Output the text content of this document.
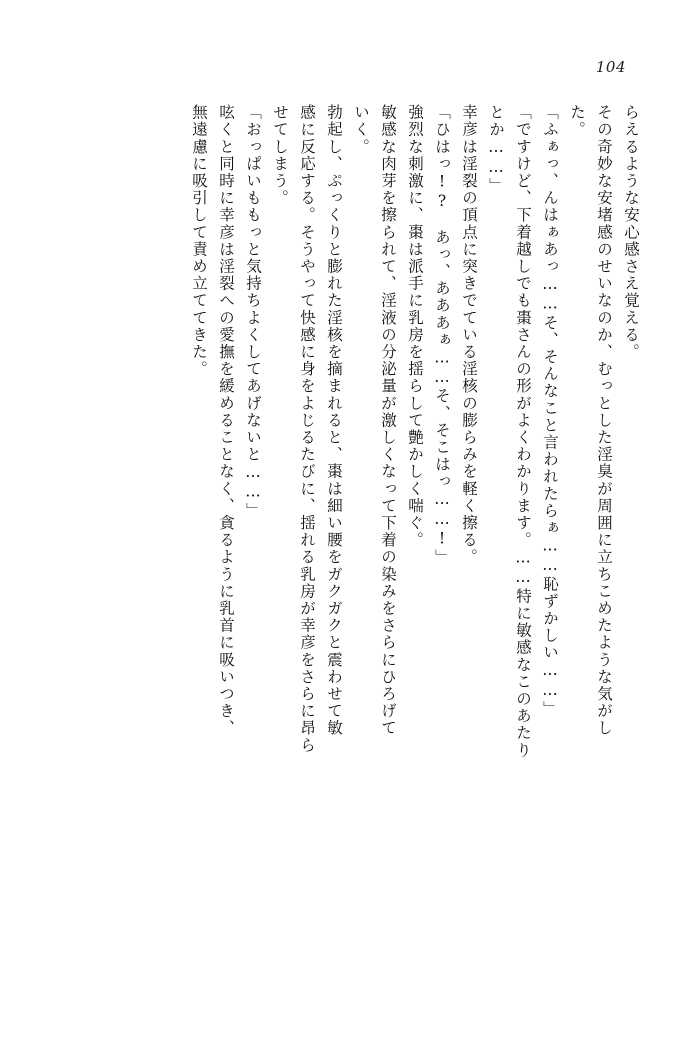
104
らえるような安心感さえ覚える。
その奇妙な安堵感のせいなのか、むっとした淫臭が周囲に立ちこめたような気がし
た。
「ふぁっ、んはぁあっ……そ、そんなこと言われたらぁ……恥ずかしい……」
「ですけど、下着越しでも棗さんの形がよくわかります。……特に敏感なこのあたり
とか……」
幸彦は淫裂の頂点に突きでている淫核の膨らみを軽く擦る。
「ひはっ!?　あっ、あああぁ……そ、そこはっ……!」
強烈な刺激に、棗は派手に乳房を揺らして艶かしく喘ぐ。
敏感な肉芽を擦られて、淫液の分泌量が激しくなって下着の染みをさらにひろげて
いく。
勃起し、ぷっくりと膨れた淫核を摘まれると、棗は細い腰をガクガクと震わせて敏
感に反応する。そうやって快感に身をよじるたびに、揺れる乳房が幸彦をさらに昂ら
せてしまう。
「おっぱいももっと気持ちよくしてあげないと……」
呟くと同時に幸彦は淫裂への愛撫を緩めることなく、貪るように乳首に吸いつき、
無遠慮に吸引して責め立ててきた。
